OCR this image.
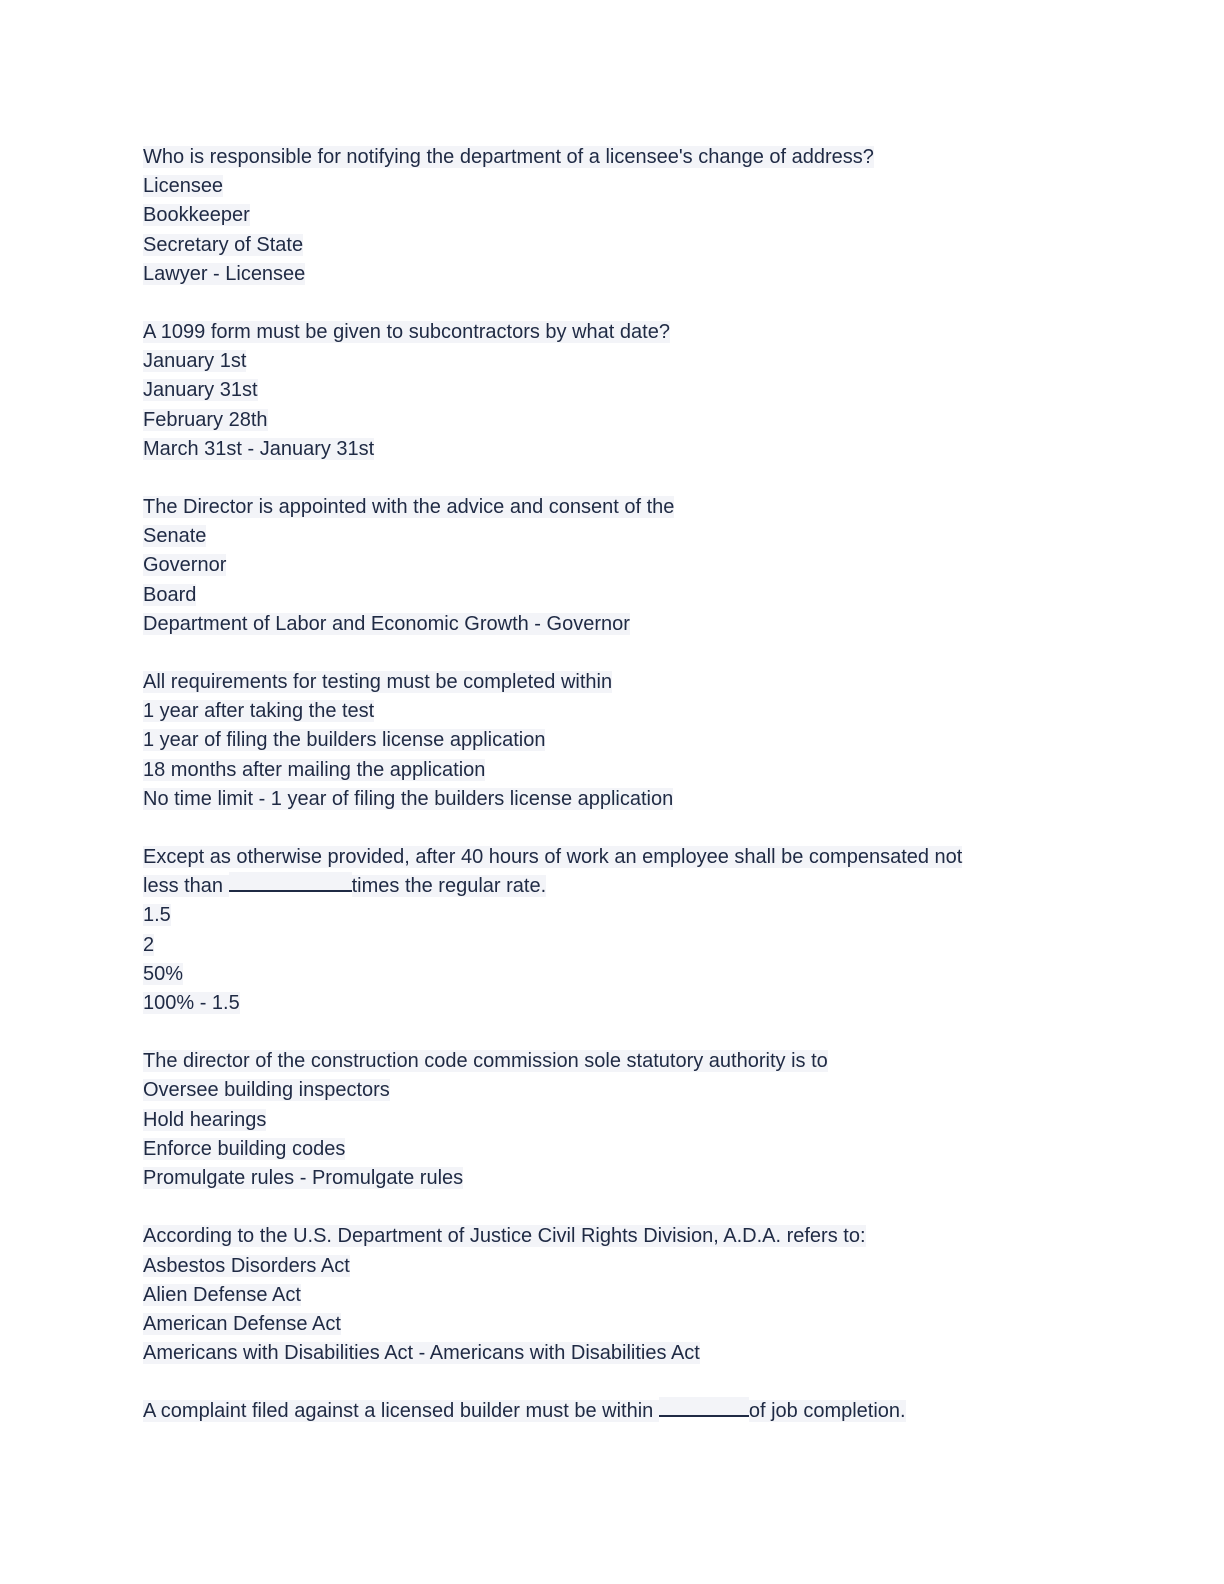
Who is responsible for notifying the department of a licensee's change of address?
Licensee
Bookkeeper
Secretary of State
Lawyer - Licensee
A 1099 form must be given to subcontractors by what date?
January 1st
January 31st
February 28th
March 31st - January 31st
The Director is appointed with the advice and consent of the
Senate
Governor
Board
Department of Labor and Economic Growth - Governor
All requirements for testing must be completed within
1 year after taking the test
1 year of filing the builders license application
18 months after mailing the application
No time limit - 1 year of filing the builders license application
Except as otherwise provided, after 40 hours of work an employee shall be compensated not
less than	times the regular rate.
1.5
2
50%
100% - 1.5
The director of the construction code commission sole statutory authority is to
Oversee building inspectors
Hold hearings
Enforce building codes
Promulgate rules - Promulgate rules
According to the U.S. Department of Justice Civil Rights Division, A.D.A. refers to:
Asbestos Disorders Act
Alien Defense Act
American Defense Act
Americans with Disabilities Act - Americans with Disabilities Act
A complaint filed against a licensed builder must be within	of job completion.
